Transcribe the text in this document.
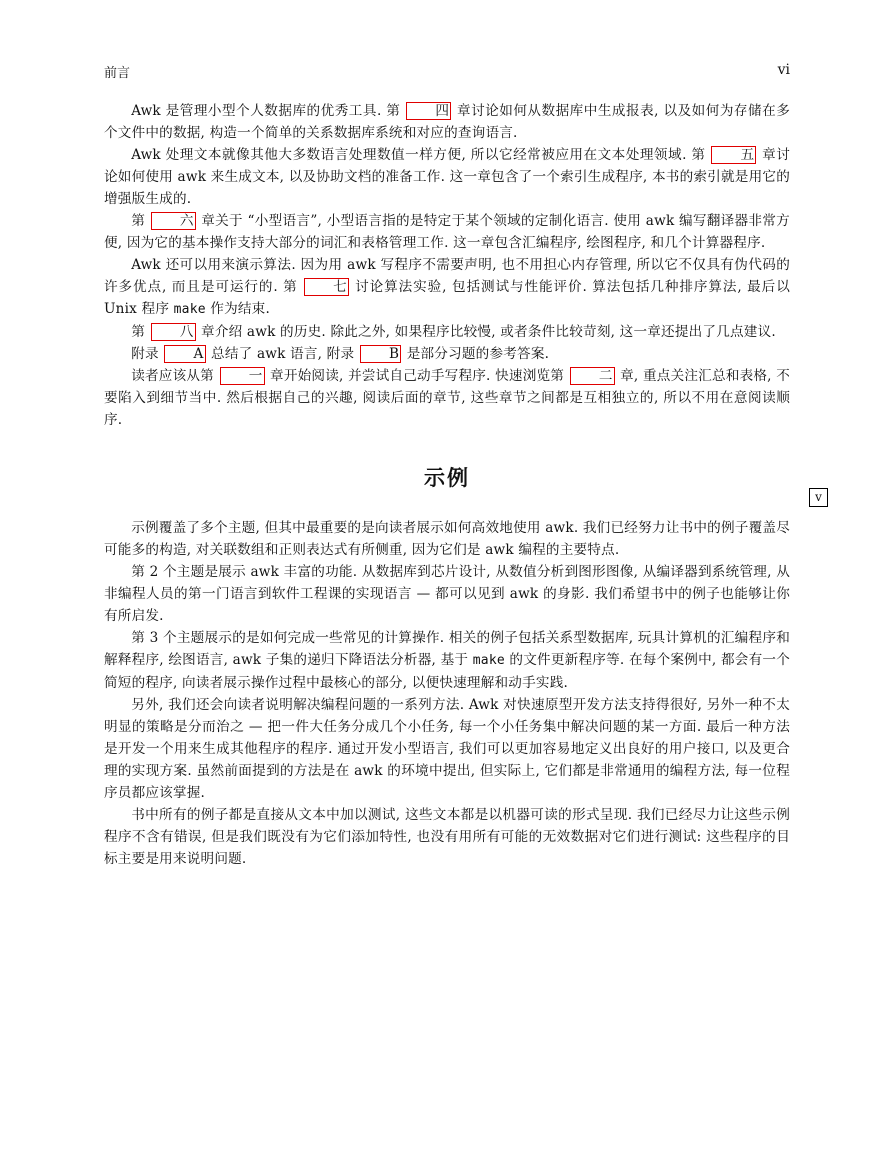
前言	vi
v

Awk 是管理小型个人数据库的优秀工具. 第 四 章讨论如何从数据库中生成报表, 以及如何为存储在多个文件中的数据, 构造一个简单的关系数据库系统和对应的查询语言.

Awk 处理文本就像其他大多数语言处理数值一样方便, 所以它经常被应用在文本处理领域. 第 五 章讨论如何使用 awk 来生成文本, 以及协助文档的准备工作. 这一章包含了一个索引生成程序, 本书的索引就是用它的增强版生成的.

第 六 章关于 “小型语言”, 小型语言指的是特定于某个领域的定制化语言. 使用 awk 编写翻译器非常方便, 因为它的基本操作支持大部分的词汇和表格管理工作. 这一章包含汇编程序, 绘图程序, 和几个计算器程序.

Awk 还可以用来演示算法. 因为用 awk 写程序不需要声明, 也不用担心内存管理, 所以它不仅具有伪代码的许多优点, 而且是可运行的. 第 七 讨论算法实验, 包括测试与性能评价. 算法包括几种排序算法, 最后以 Unix 程序 make 作为结束.

第 八 章介绍 awk 的历史. 除此之外, 如果程序比较慢, 或者条件比较苛刻, 这一章还提出了几点建议.

附录 A 总结了 awk 语言, 附录 B 是部分习题的参考答案.

读者应该从第 一 章开始阅读, 并尝试自己动手写程序. 快速浏览第 二 章, 重点关注汇总和表格, 不要陷入到细节当中. 然后根据自己的兴趣, 阅读后面的章节, 这些章节之间都是互相独立的, 所以不用在意阅读顺序.

示例

示例覆盖了多个主题, 但其中最重要的是向读者展示如何高效地使用 awk. 我们已经努力让书中的例子覆盖尽可能多的构造, 对关联数组和正则表达式有所侧重, 因为它们是 awk 编程的主要特点.

第 2 个主题是展示 awk 丰富的功能. 从数据库到芯片设计, 从数值分析到图形图像, 从编译器到系统管理, 从非编程人员的第一门语言到软件工程课的实现语言 — 都可以见到 awk 的身影. 我们希望书中的例子也能够让你有所启发.

第 3 个主题展示的是如何完成一些常见的计算操作. 相关的例子包括关系型数据库, 玩具计算机的汇编程序和解释程序, 绘图语言, awk 子集的递归下降语法分析器, 基于 make 的文件更新程序等. 在每个案例中, 都会有一个简短的程序, 向读者展示操作过程中最核心的部分, 以便快速理解和动手实践.

另外, 我们还会向读者说明解决编程问题的一系列方法. Awk 对快速原型开发方法支持得很好, 另外一种不太明显的策略是分而治之 — 把一件大任务分成几个小任务, 每一个小任务集中解决问题的某一方面. 最后一种方法是开发一个用来生成其他程序的程序. 通过开发小型语言, 我们可以更加容易地定义出良好的用户接口, 以及更合理的实现方案. 虽然前面提到的方法是在 awk 的环境中提出, 但实际上, 它们都是非常通用的编程方法, 每一位程序员都应该掌握.

书中所有的例子都是直接从文本中加以测试, 这些文本都是以机器可读的形式呈现. 我们已经尽力让这些示例程序不含有错误, 但是我们既没有为它们添加特性, 也没有用所有可能的无效数据对它们进行测试: 这些程序的目标主要是用来说明问题.
